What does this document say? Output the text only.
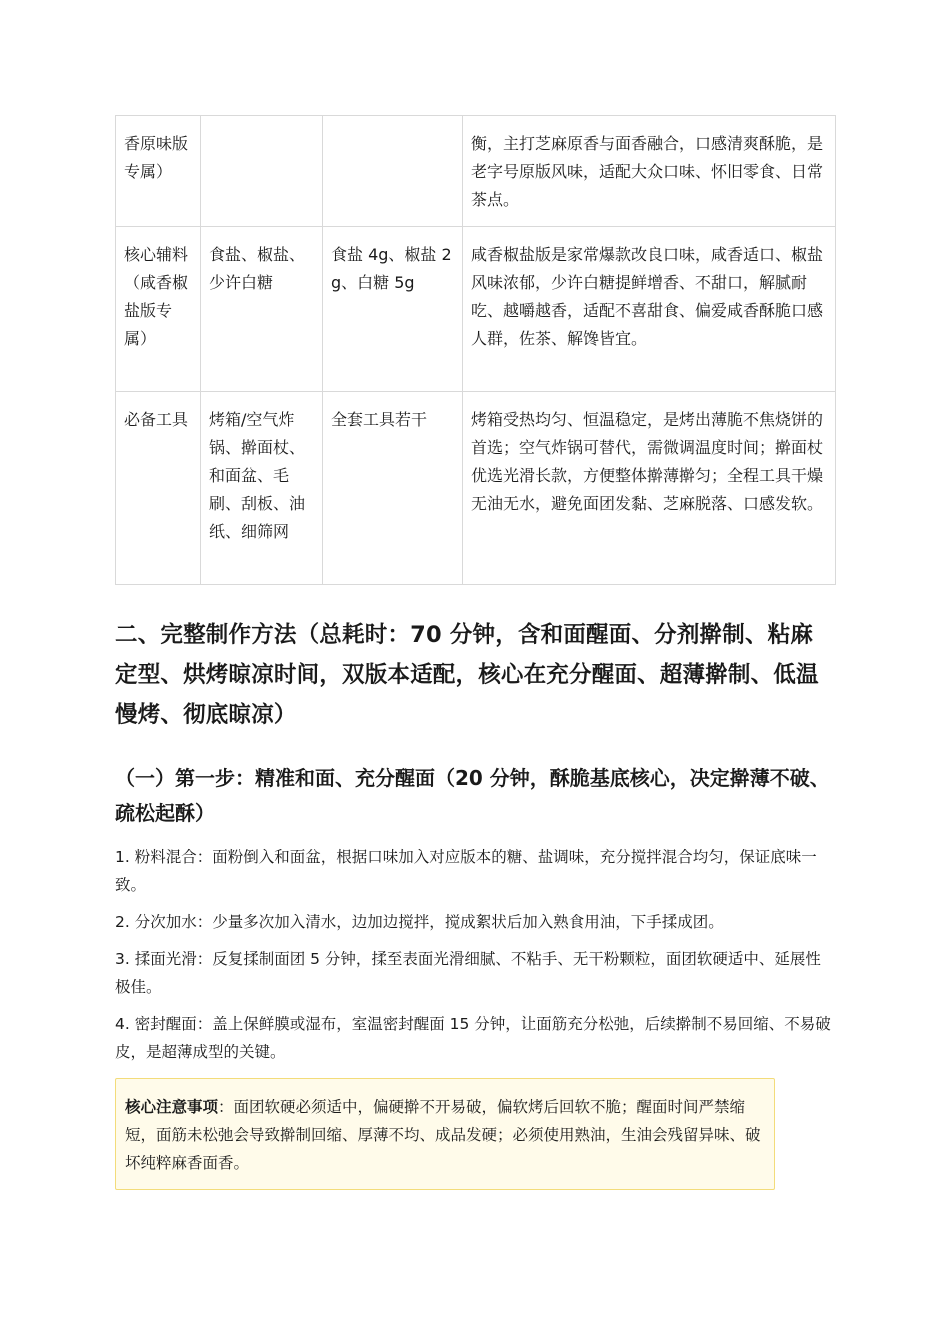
香原味版专属）			衡，主打芝麻原香与面香融合，口感清爽酥脆，是老字号原版风味，适配大众口味、怀旧零食、日常茶点。
核心辅料（咸香椒盐版专属）	食盐、椒盐、少许白糖	食盐 4g、椒盐 2g、白糖 5g	咸香椒盐版是家常爆款改良口味，咸香适口、椒盐风味浓郁，少许白糖提鲜增香、不甜口，解腻耐吃、越嚼越香，适配不喜甜食、偏爱咸香酥脆口感人群，佐茶、解馋皆宜。
必备工具	烤箱/空气炸锅、擀面杖、和面盆、毛刷、刮板、油纸、细筛网	全套工具若干	烤箱受热均匀、恒温稳定，是烤出薄脆不焦烧饼的首选；空气炸锅可替代，需微调温度时间；擀面杖优选光滑长款，方便整体擀薄擀匀；全程工具干燥无油无水，避免面团发黏、芝麻脱落、口感发软。
二、完整制作方法（总耗时：70 分钟，含和面醒面、分剂擀制、粘麻定型、烘烤晾凉时间，双版本适配，核心在充分醒面、超薄擀制、低温慢烤、彻底晾凉）
（一）第一步：精准和面、充分醒面（20 分钟，酥脆基底核心，决定擀薄不破、疏松起酥）
1. 粉料混合：面粉倒入和面盆，根据口味加入对应版本的糖、盐调味，充分搅拌混合均匀，保证底味一致。
2. 分次加水：少量多次加入清水，边加边搅拌，搅成絮状后加入熟食用油，下手揉成团。
3. 揉面光滑：反复揉制面团 5 分钟，揉至表面光滑细腻、不粘手、无干粉颗粒，面团软硬适中、延展性极佳。
4. 密封醒面：盖上保鲜膜或湿布，室温密封醒面 15 分钟，让面筋充分松弛，后续擀制不易回缩、不易破皮，是超薄成型的关键。
核心注意事项：面团软硬必须适中，偏硬擀不开易破，偏软烤后回软不脆；醒面时间严禁缩短，面筋未松弛会导致擀制回缩、厚薄不均、成品发硬；必须使用熟油，生油会残留异味、破坏纯粹麻香面香。
